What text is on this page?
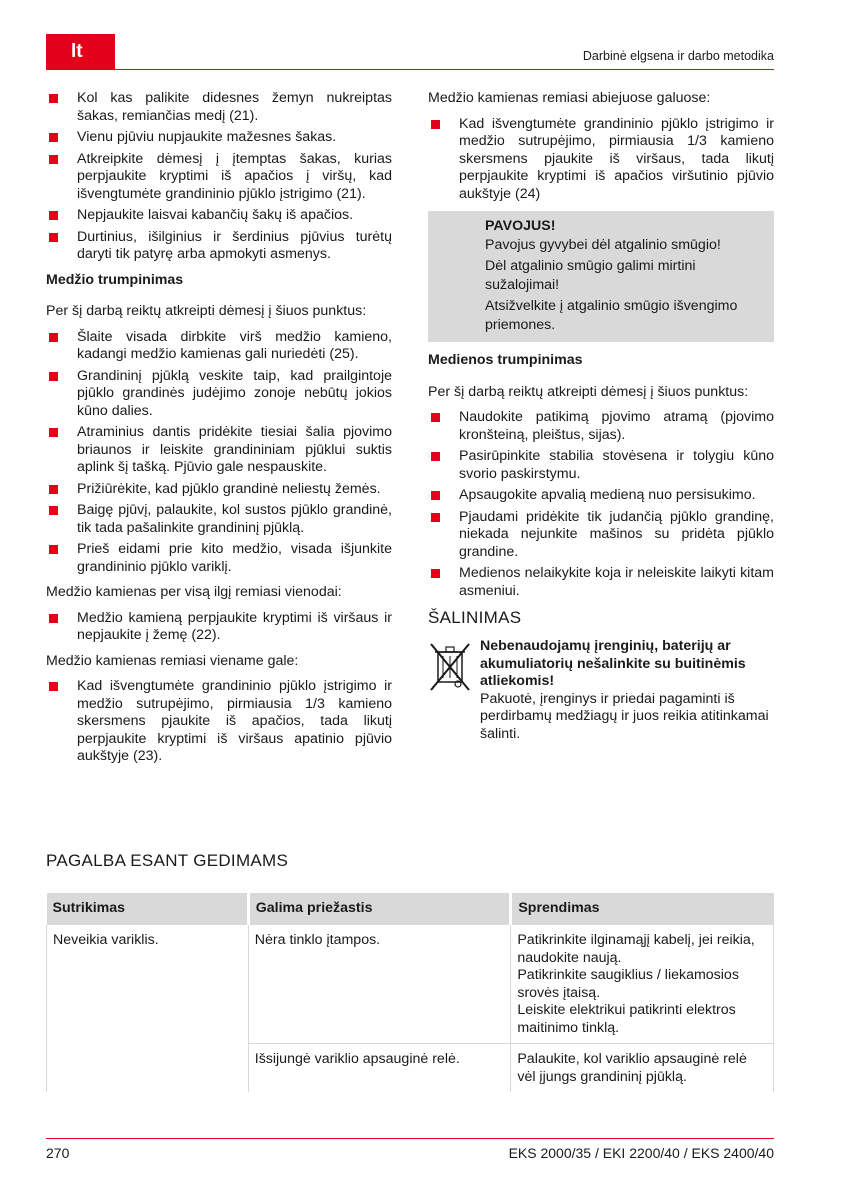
lt	Darbinė elgsena ir darbo metodika
Kol kas palikite didesnes žemyn nukreiptas šakas, remiančias medį (21).
Vienu pjūviu nupjaukite mažesnes šakas.
Atkreipkite dėmesį į įtemptas šakas, kurias perpjaukite kryptimi iš apačios į viršų, kad išvengtumėte grandininio pjūklo įstrigimo (21).
Nepjaukite laisvai kabančių šakų iš apačios.
Durtinius, išilginius ir šerdinius pjūvius turėtų daryti tik patyrę arba apmokyti asmenys.
Medžio trumpinimas

Per šį darbą reiktų atkreipti dėmesį į šiuos punktus:

Šlaite visada dirbkite virš medžio kamieno, kadangi medžio kamienas gali nuriedėti (25).
Grandininį pjūklą veskite taip, kad prailgintoje pjūklo grandinės judėjimo zonoje nebūtų jokios kūno dalies.
Atraminius dantis pridėkite tiesiai šalia pjovimo briaunos ir leiskite grandininiam pjūklui suktis aplink šį tašką. Pjūvio gale nespauskite.
Prižiūrėkite, kad pjūklo grandinė neliestų žemės.
Baigę pjūvį, palaukite, kol sustos pjūklo grandinė, tik tada pašalinkite grandininį pjūklą.
Prieš eidami prie kito medžio, visada išjunkite grandininio pjūklo variklį.

Medžio kamienas per visą ilgį remiasi vienodai:

Medžio kamieną perpjaukite kryptimi iš viršaus ir nepjaukite į žemę (22).

Medžio kamienas remiasi viename gale:

Kad išvengtumėte grandininio pjūklo įstrigimo ir medžio sutrupėjimo, pirmiausia 1/3 kamieno skersmens pjaukite iš apačios, tada likutį perpjaukite kryptimi iš viršaus apatinio pjūvio aukštyje (23).

Medžio kamienas remiasi abiejuose galuose:

Kad išvengtumėte grandininio pjūklo įstrigimo ir medžio sutrupėjimo, pirmiausia 1/3 kamieno skersmens pjaukite iš viršaus, tada likutį perpjaukite kryptimi iš apačios viršutinio pjūvio aukštyje (24)
PAVOJUS!
Pavojus gyvybei dėl atgalinio smūgio!
Dėl atgalinio smūgio galimi mirtini sužalojimai!
Atsižvelkite į atgalinio smūgio išvengimo priemones.
Medienos trumpinimas

Per šį darbą reiktų atkreipti dėmesį į šiuos punktus:

Naudokite patikimą pjovimo atramą (pjovimo kronšteiną, pleištus, sijas).
Pasirūpinkite stabilia stovėsena ir tolygiu kūno svorio paskirstymu.
Apsaugokite apvalią medieną nuo persisukimo.
Pjaudami pridėkite tik judančią pjūklo grandinę, niekada nejunkite mašinos su pridėta pjūklo grandine.
Medienos nelaikykite koja ir neleiskite laikyti kitam asmeniui.
ŠALINIMAS
Nebenaudojamų įrenginių, baterijų ar akumuliatorių nešalinkite su buitinėmis atliekomis!
Pakuotė, įrenginys ir priedai pagaminti iš perdirbamų medžiagų ir juos reikia atitinkamai šalinti.
PAGALBA ESANT GEDIMAMS
Sutrikimas	Galima priežastis	Sprendimas
Neveikia variklis.	Nėra tinklo įtampos.	Patikrinkite ilginamąjį kabelį, jei reikia, naudokite naują.
Patikrinkite saugiklius / liekamosios srovės įtaisą.
Leiskite elektrikui patikrinti elektros maitinimo tinklą.

	Išsijungė variklio apsauginė relė.	Palaukite, kol variklio apsauginė relė vėl įjungs grandininį pjūklą.
270	EKS 2000/35 / EKI 2200/40 / EKS 2400/40
